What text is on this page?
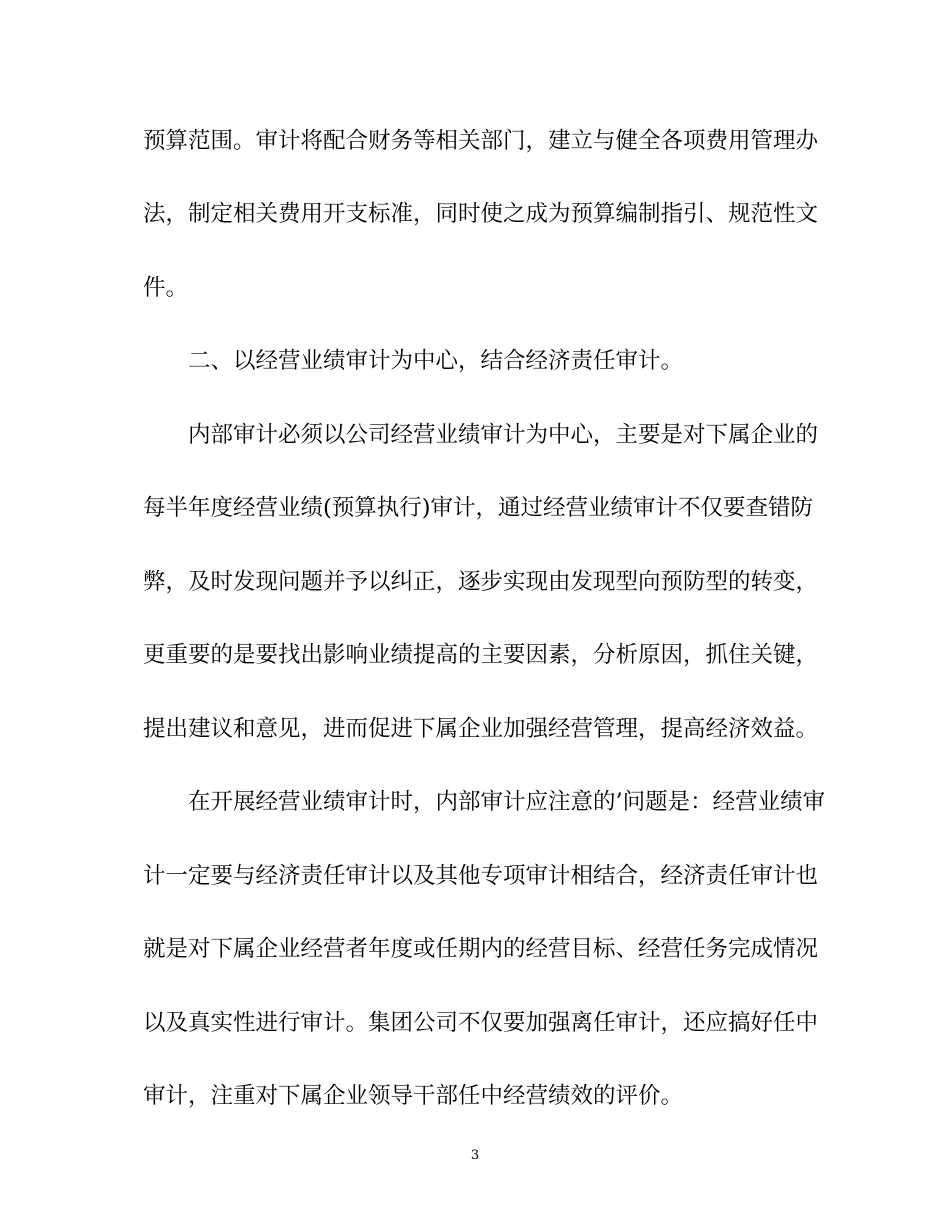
预算范围。审计将配合财务等相关部门，建立与健全各项费用管理办
法，制定相关费用开支标准，同时使之成为预算编制指引、规范性文
件。
二、以经营业绩审计为中心，结合经济责任审计。
内部审计必须以公司经营业绩审计为中心，主要是对下属企业的
每半年度经营业绩(预算执行)审计，通过经营业绩审计不仅要查错防
弊，及时发现问题并予以纠正，逐步实现由发现型向预防型的转变，
更重要的是要找出影响业绩提高的主要因素，分析原因，抓住关键，
提出建议和意见，进而促进下属企业加强经营管理，提高经济效益。
在开展经营业绩审计时，内部审计应注意的’问题是：经营业绩审
计一定要与经济责任审计以及其他专项审计相结合，经济责任审计也
就是对下属企业经营者年度或任期内的经营目标、经营任务完成情况
以及真实性进行审计。集团公司不仅要加强离任审计，还应搞好任中
审计，注重对下属企业领导干部任中经营绩效的评价。
3
